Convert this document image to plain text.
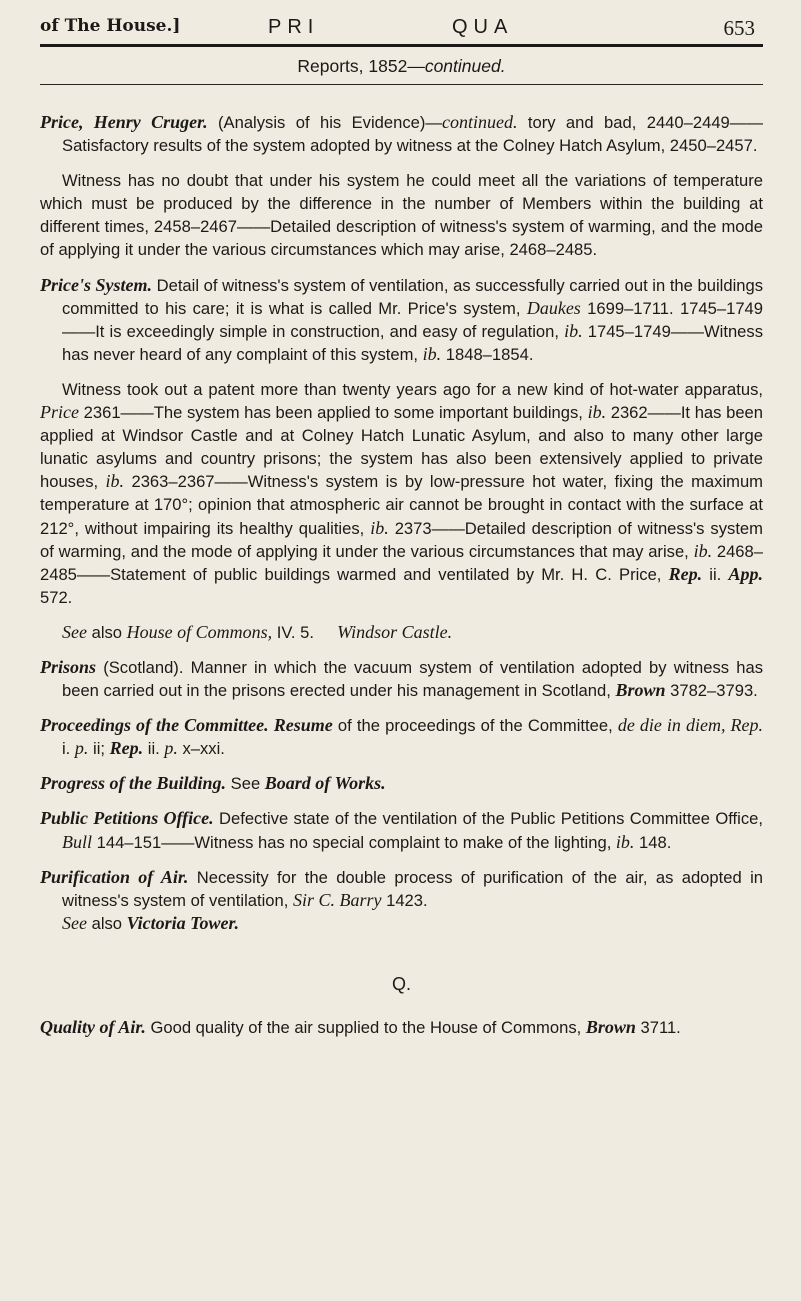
of The House.]	PRI	QUA	653
Reports, 1852—continued.

Price, Henry Cruger. (Analysis of his Evidence)—continued. tory and bad, 2440–2449——Satisfactory results of the system adopted by witness at the Colney Hatch Asylum, 2450–2457.

Witness has no doubt that under his system he could meet all the variations of temperature which must be produced by the difference in the number of Members within the building at different times, 2458–2467——Detailed description of witness's system of warming, and the mode of applying it under the various circumstances which may arise, 2468–2485.

Price's System. Detail of witness's system of ventilation, as successfully carried out in the buildings committed to his care; it is what is called Mr. Price's system, Daukes 1699–1711. 1745–1749——It is exceedingly simple in construction, and easy of regulation, ib. 1745–1749——Witness has never heard of any complaint of this system, ib. 1848–1854.

Witness took out a patent more than twenty years ago for a new kind of hot-water apparatus, Price 2361——The system has been applied to some important buildings, ib. 2362——It has been applied at Windsor Castle and at Colney Hatch Lunatic Asylum, and also to many other large lunatic asylums and country prisons; the system has also been extensively applied to private houses, ib. 2363–2367——Witness's system is by low-pressure hot water, fixing the maximum temperature at 170°; opinion that atmospheric air cannot be brought in contact with the surface at 212°, without impairing its healthy qualities, ib. 2373——Detailed description of witness's system of warming, and the mode of applying it under the various circumstances that may arise, ib. 2468–2485——Statement of public buildings warmed and ventilated by Mr. H. C. Price, Rep. ii. App. 572.

See also House of Commons, IV. 5.     Windsor Castle.

Prisons (Scotland). Manner in which the vacuum system of ventilation adopted by witness has been carried out in the prisons erected under his management in Scotland, Brown 3782–3793.

Proceedings of the Committee. Resume of the proceedings of the Committee, de die in diem, Rep. i. p. ii; Rep. ii. p. x–xxi.

Progress of the Building. See Board of Works.

Public Petitions Office. Defective state of the ventilation of the Public Petitions Committee Office, Bull 144–151——Witness has no special complaint to make of the lighting, ib. 148.

Purification of Air. Necessity for the double process of purification of the air, as adopted in witness's system of ventilation, Sir C. Barry 1423.

See also Victoria Tower.

Q.

Quality of Air. Good quality of the air supplied to the House of Commons, Brown 3711.
